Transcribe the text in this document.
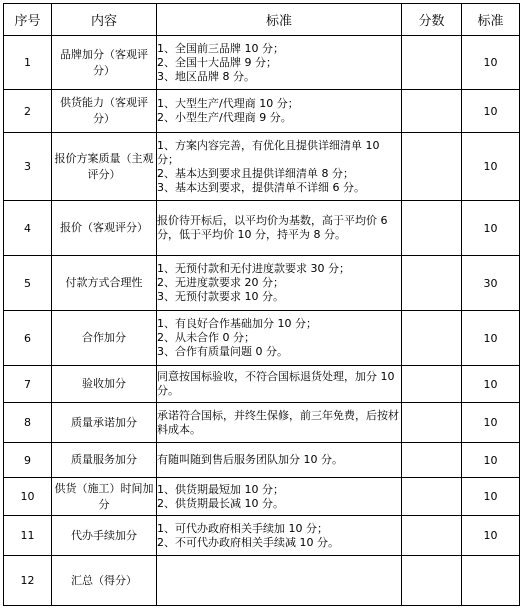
序号	内容	标准	分数	标准
1	品牌加分（客观评分）	1、全国前三品牌 10 分；
2、全国十大品牌 9 分；
3、地区品牌 8 分。		10
2	供货能力（客观评分）	1、大型生产/代理商 10 分；
2、小型生产/代理商 9 分。		10
3	报价方案质量（主观评分）	1、方案内容完善，有优化且提供详细清单 10 分；
2、基本达到要求且提供详细清单 8 分；
3、基本达到要求，提供清单不详细 6 分。		10
4	报价（客观评分）	报价待开标后，以平均价为基数，高于平均价 6 分，低于平均价 10 分，持平为 8 分。		10
5	付款方式合理性	1、无预付款和无付进度款要求 30 分；
2、无进度款要求 20 分；
3、无预付款要求 10 分。		30
6	合作加分	1、有良好合作基础加分 10 分；
2、从未合作 0 分；
3、合作有质量问题 0 分。		10
7	验收加分	同意按国标验收，不符合国标退货处理，加分 10 分。		10
8	质量承诺加分	承诺符合国标，并终生保修，前三年免费，后按材料成本。		10
9	质量服务加分	有随叫随到售后服务团队加分 10 分。		10
10	供货（施工）时间加分	1、供货期最短加 10 分；
2、供货期最长减 10 分。		10
11	代办手续加分	1、可代办政府相关手续加 10 分；
2、不可代办政府相关手续减 10 分。		10
12	汇总（得分）			
